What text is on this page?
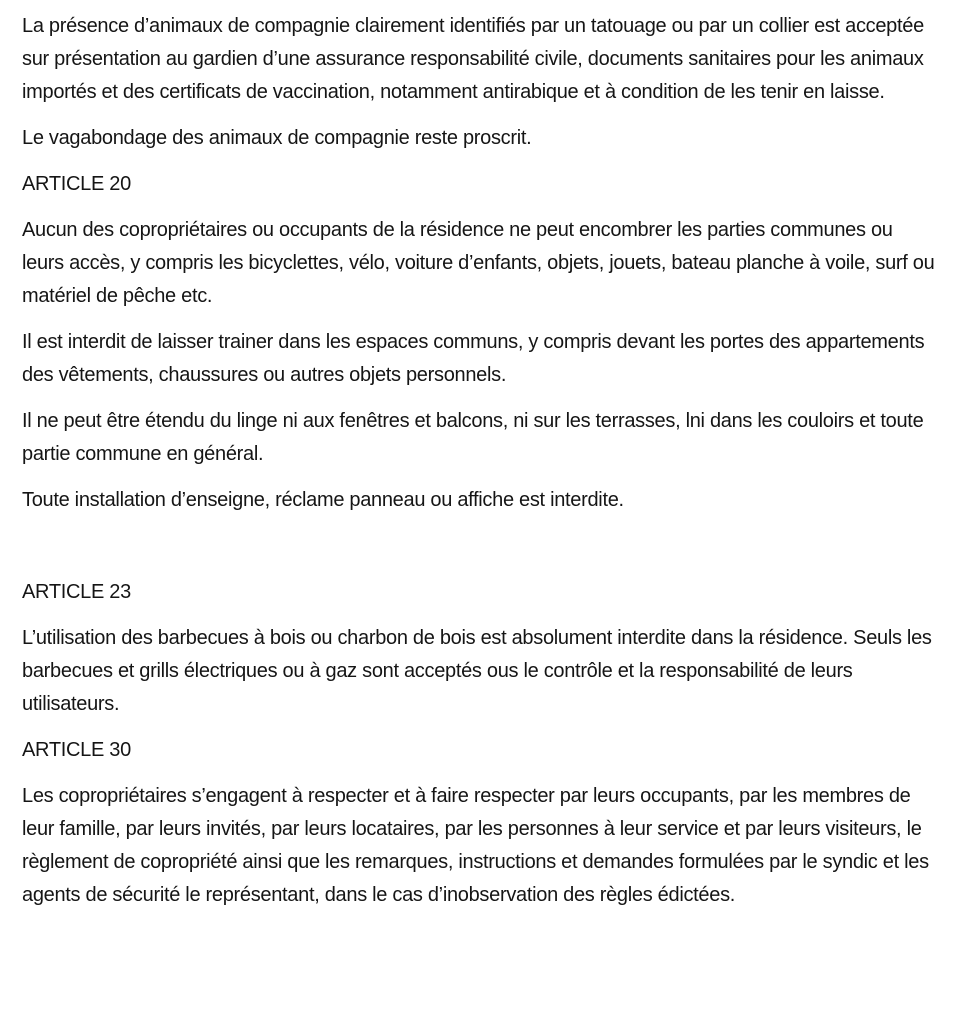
La présence d’animaux de compagnie clairement identifiés par un tatouage ou par un collier est acceptée sur présentation au gardien d’une assurance responsabilité civile, documents sanitaires pour les animaux importés et des certificats de vaccination, notamment antirabique et à condition de les tenir en laisse.

Le vagabondage des animaux de compagnie reste proscrit.

ARTICLE 20

Aucun des copropriétaires ou occupants de la résidence ne peut encombrer les parties communes ou leurs accès, y compris les bicyclettes, vélo, voiture d’enfants, objets, jouets, bateau planche à voile, surf ou matériel de pêche etc.

Il est interdit de laisser trainer dans les espaces communs, y compris devant les portes des appartements des vêtements, chaussures ou autres objets personnels.

Il ne peut être étendu du linge ni aux fenêtres et balcons, ni sur les terrasses, lni dans les couloirs et toute partie commune en général.

Toute installation d’enseigne, réclame panneau ou affiche est interdite.

ARTICLE 23

L’utilisation des barbecues à bois ou charbon de bois est absolument interdite dans la résidence. Seuls les barbecues et grills électriques ou à gaz sont acceptés ous le contrôle et la responsabilité de leurs utilisateurs.

ARTICLE 30

Les copropriétaires s’engagent à respecter et à faire respecter par leurs occupants, par les membres de leur famille, par leurs invités, par leurs locataires, par les personnes à leur service et par leurs visiteurs, le règlement de copropriété ainsi que les remarques, instructions et demandes formulées par le syndic et les agents de sécurité le représentant, dans le cas d’inobservation des règles édictées.
